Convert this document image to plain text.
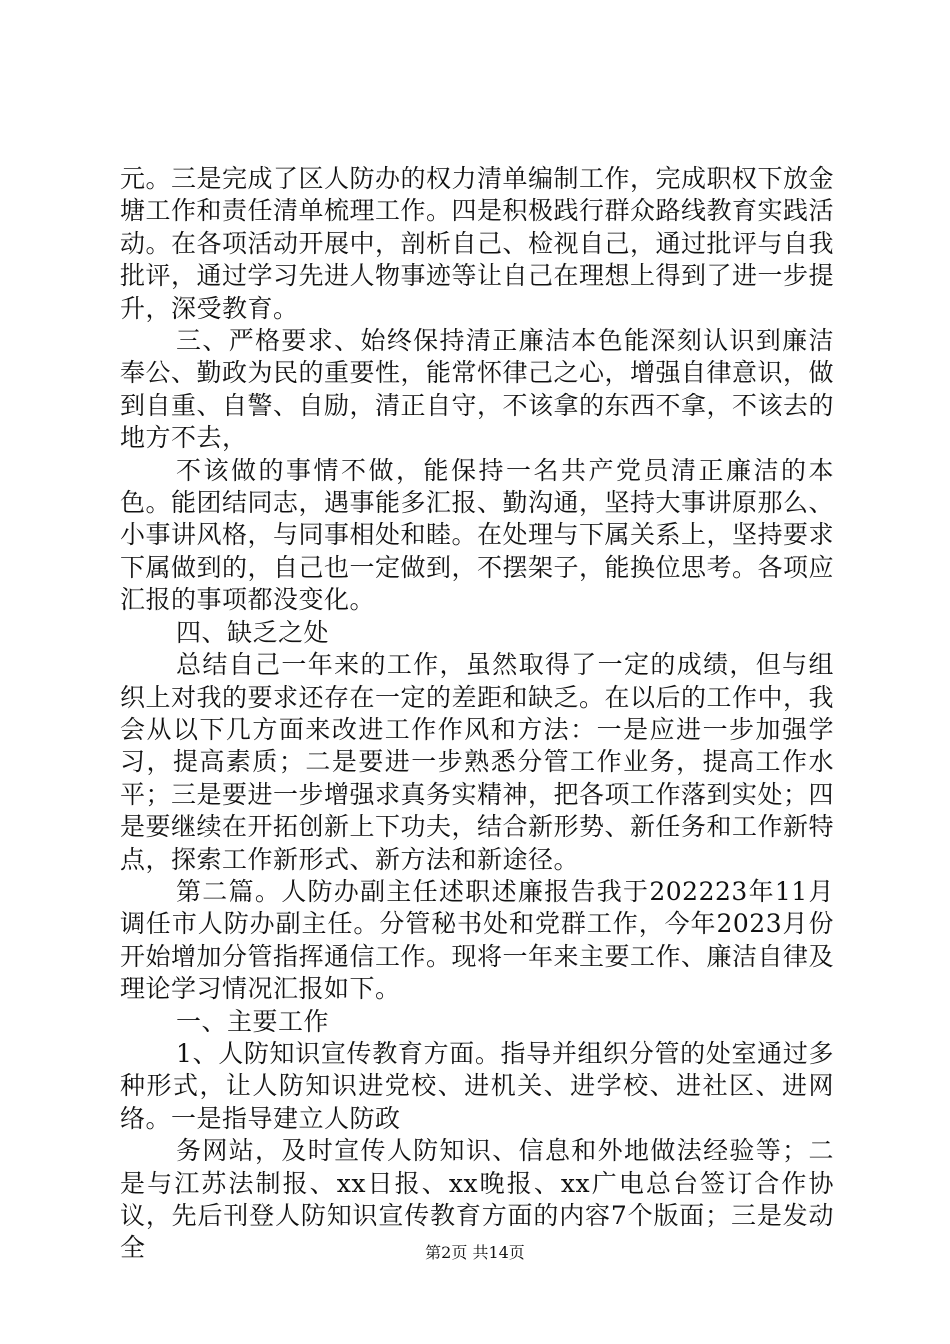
元。三是完成了区人防办的权力清单编制工作，完成职权下放金塘工作和责任清单梳理工作。四是积极践行群众路线教育实践活动。在各项活动开展中，剖析自己、检视自己，通过批评与自我批评，通过学习先进人物事迹等让自己在理想上得到了进一步提升，深受教育。

三、严格要求、始终保持清正廉洁本色能深刻认识到廉洁奉公、勤政为民的重要性，能常怀律己之心，增强自律意识，做到自重、自警、自励，清正自守，不该拿的东西不拿，不该去的地方不去，

不该做的事情不做，能保持一名共产党员清正廉洁的本色。能团结同志，遇事能多汇报、勤沟通，坚持大事讲原那么、小事讲风格，与同事相处和睦。在处理与下属关系上，坚持要求下属做到的，自己也一定做到，不摆架子，能换位思考。各项应汇报的事项都没变化。

四、缺乏之处

总结自己一年来的工作，虽然取得了一定的成绩，但与组织上对我的要求还存在一定的差距和缺乏。在以后的工作中，我会从以下几方面来改进工作作风和方法：一是应进一步加强学习，提高素质；二是要进一步熟悉分管工作业务，提高工作水平；三是要进一步增强求真务实精神，把各项工作落到实处；四是要继续在开拓创新上下功夫，结合新形势、新任务和工作新特点，探索工作新形式、新方法和新途径。

第二篇。人防办副主任述职述廉报告我于202223年11月调任市人防办副主任。分管秘书处和党群工作，今年2023月份开始增加分管指挥通信工作。现将一年来主要工作、廉洁自律及理论学习情况汇报如下。

一、主要工作

1、人防知识宣传教育方面。指导并组织分管的处室通过多种形式，让人防知识进党校、进机关、进学校、进社区、进网络。一是指导建立人防政

务网站，及时宣传人防知识、信息和外地做法经验等；二是与江苏法制报、xx日报、xx晚报、xx广电总台签订合作协议，先后刊登人防知识宣传教育方面的内容7个版面；三是发动全	第2页 共14页
